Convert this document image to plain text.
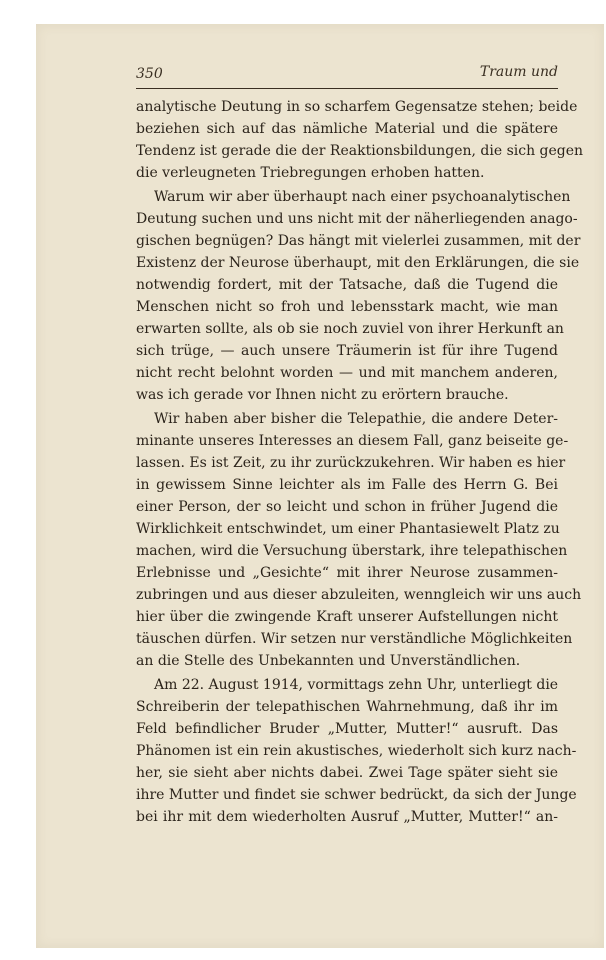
350	Traum und
analytische Deutung in so scharfem Gegensatze stehen; beide
beziehen sich auf das nämliche Material und die spätere
Tendenz ist gerade die der Reaktionsbildungen, die sich gegen
die verleugneten Triebregungen erhoben hatten.
Warum wir aber überhaupt nach einer psychoanalytischen
Deutung suchen und uns nicht mit der näherliegenden anago-
gischen begnügen? Das hängt mit vielerlei zusammen, mit der
Existenz der Neurose überhaupt, mit den Erklärungen, die sie
notwendig fordert, mit der Tatsache, daß die Tugend die
Menschen nicht so froh und lebensstark macht, wie man
erwarten sollte, als ob sie noch zuviel von ihrer Herkunft an
sich trüge, — auch unsere Träumerin ist für ihre Tugend
nicht recht belohnt worden — und mit manchem anderen,
was ich gerade vor Ihnen nicht zu erörtern brauche.
Wir haben aber bisher die Telepathie, die andere Deter-
minante unseres Interesses an diesem Fall, ganz beiseite ge-
lassen. Es ist Zeit, zu ihr zurückzukehren. Wir haben es hier
in gewissem Sinne leichter als im Falle des Herrn G. Bei
einer Person, der so leicht und schon in früher Jugend die
Wirklichkeit entschwindet, um einer Phantasiewelt Platz zu
machen, wird die Versuchung überstark, ihre telepathischen
Erlebnisse und „Gesichte“ mit ihrer Neurose zusammen-
zubringen und aus dieser abzuleiten, wenngleich wir uns auch
hier über die zwingende Kraft unserer Aufstellungen nicht
täuschen dürfen. Wir setzen nur verständliche Möglichkeiten
an die Stelle des Unbekannten und Unverständlichen.
Am 22. August 1914, vormittags zehn Uhr, unterliegt die
Schreiberin der telepathischen Wahrnehmung, daß ihr im
Feld befindlicher Bruder „Mutter, Mutter!“ ausruft. Das
Phänomen ist ein rein akustisches, wiederholt sich kurz nach-
her, sie sieht aber nichts dabei. Zwei Tage später sieht sie
ihre Mutter und findet sie schwer bedrückt, da sich der Junge
bei ihr mit dem wiederholten Ausruf „Mutter, Mutter!“ an-
